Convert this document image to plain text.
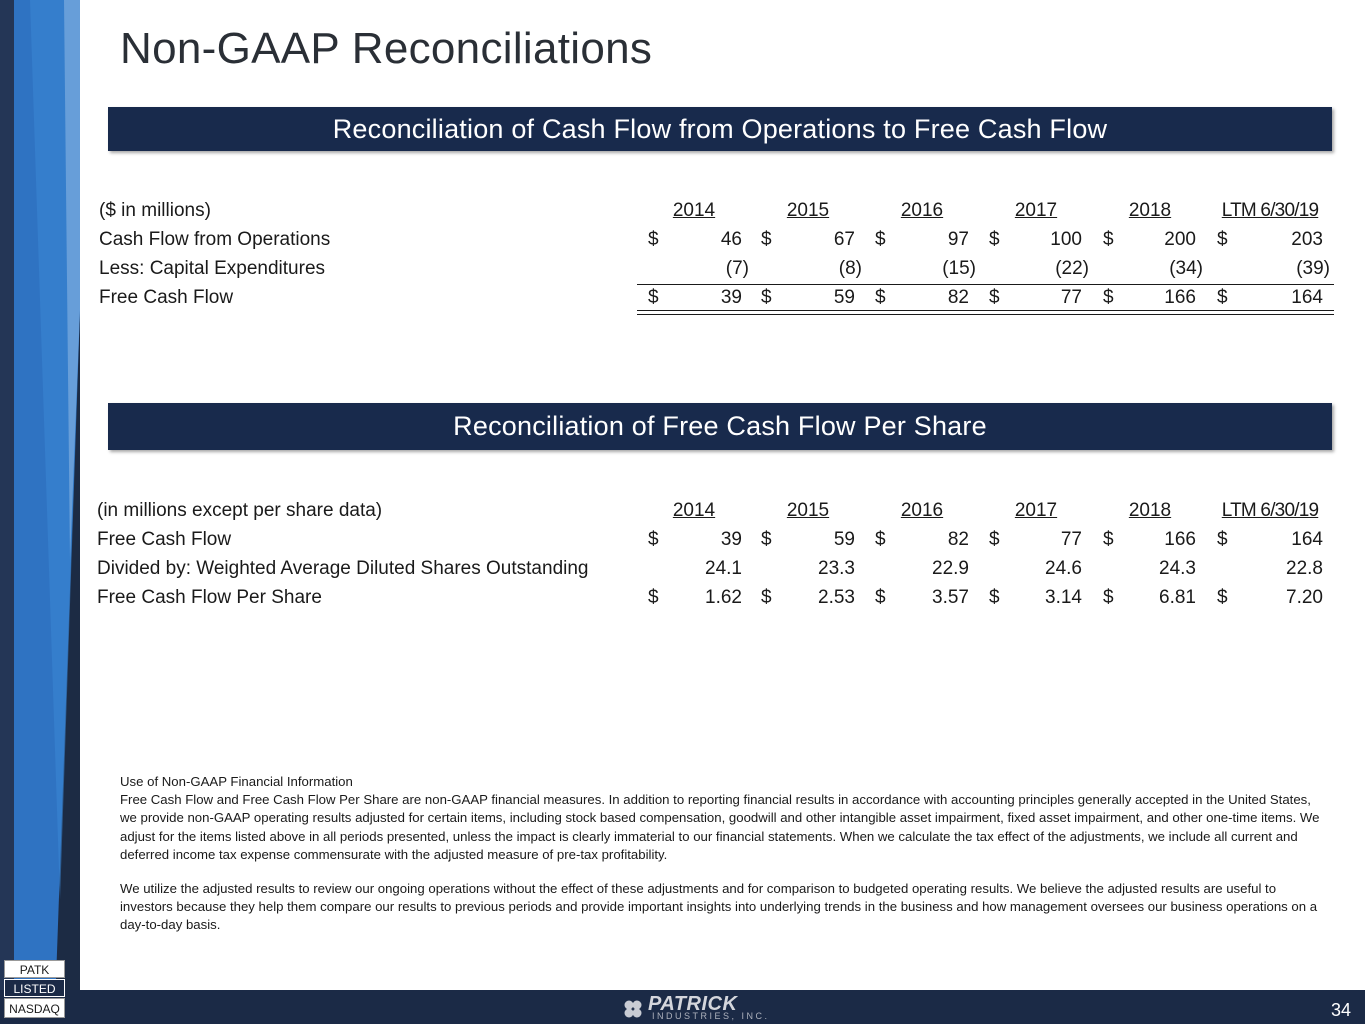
Non-GAAP Reconciliations
Reconciliation of Cash Flow from Operations to Free Cash Flow
($ in millions)	2014	2015	2016	2017	2018	LTM 6/30/19
Cash Flow from Operations	$	46 $	67 $	97 $	100 $	200 $	203
Less: Capital Expenditures	(7)	(8)	(15)	(22)	(34)	(39)
Free Cash Flow	$	39 $	59 $	82 $	77 $	166 $	164
Reconciliation of Free Cash Flow Per Share
(in millions except per share data)	2014	2015	2016	2017	2018	LTM 6/30/19
Free Cash Flow	$	39 $	59 $	82 $	77 $	166 $	164
Divided by: Weighted Average Diluted Shares Outstanding	24.1	23.3	22.9	24.6	24.3	22.8
Free Cash Flow Per Share	$	1.62 $	2.53 $	3.57 $	3.14 $	6.81 $	7.20
Use of Non-GAAP Financial Information

Free Cash Flow and Free Cash Flow Per Share are non-GAAP financial measures. In addition to reporting financial results in accordance with accounting principles generally accepted in the United States, we provide non-GAAP operating results adjusted for certain items, including stock based compensation, goodwill and other intangible asset impairment, fixed asset impairment, and other one-time items. We adjust for the items listed above in all periods presented, unless the impact is clearly immaterial to our financial statements. When we calculate the tax effect of the adjustments, we include all current and deferred income tax expense commensurate with the adjusted measure of pre-tax profitability.

We utilize the adjusted results to review our ongoing operations without the effect of these adjustments and for comparison to budgeted operating results. We believe the adjusted results are useful to investors because they help them compare our results to previous periods and provide important insights into underlying trends in the business and how management oversees our business operations on a day-to-day basis.

PATK
LISTED
NASDAQ	PATRICK
INDUSTRIES, INC.	34
